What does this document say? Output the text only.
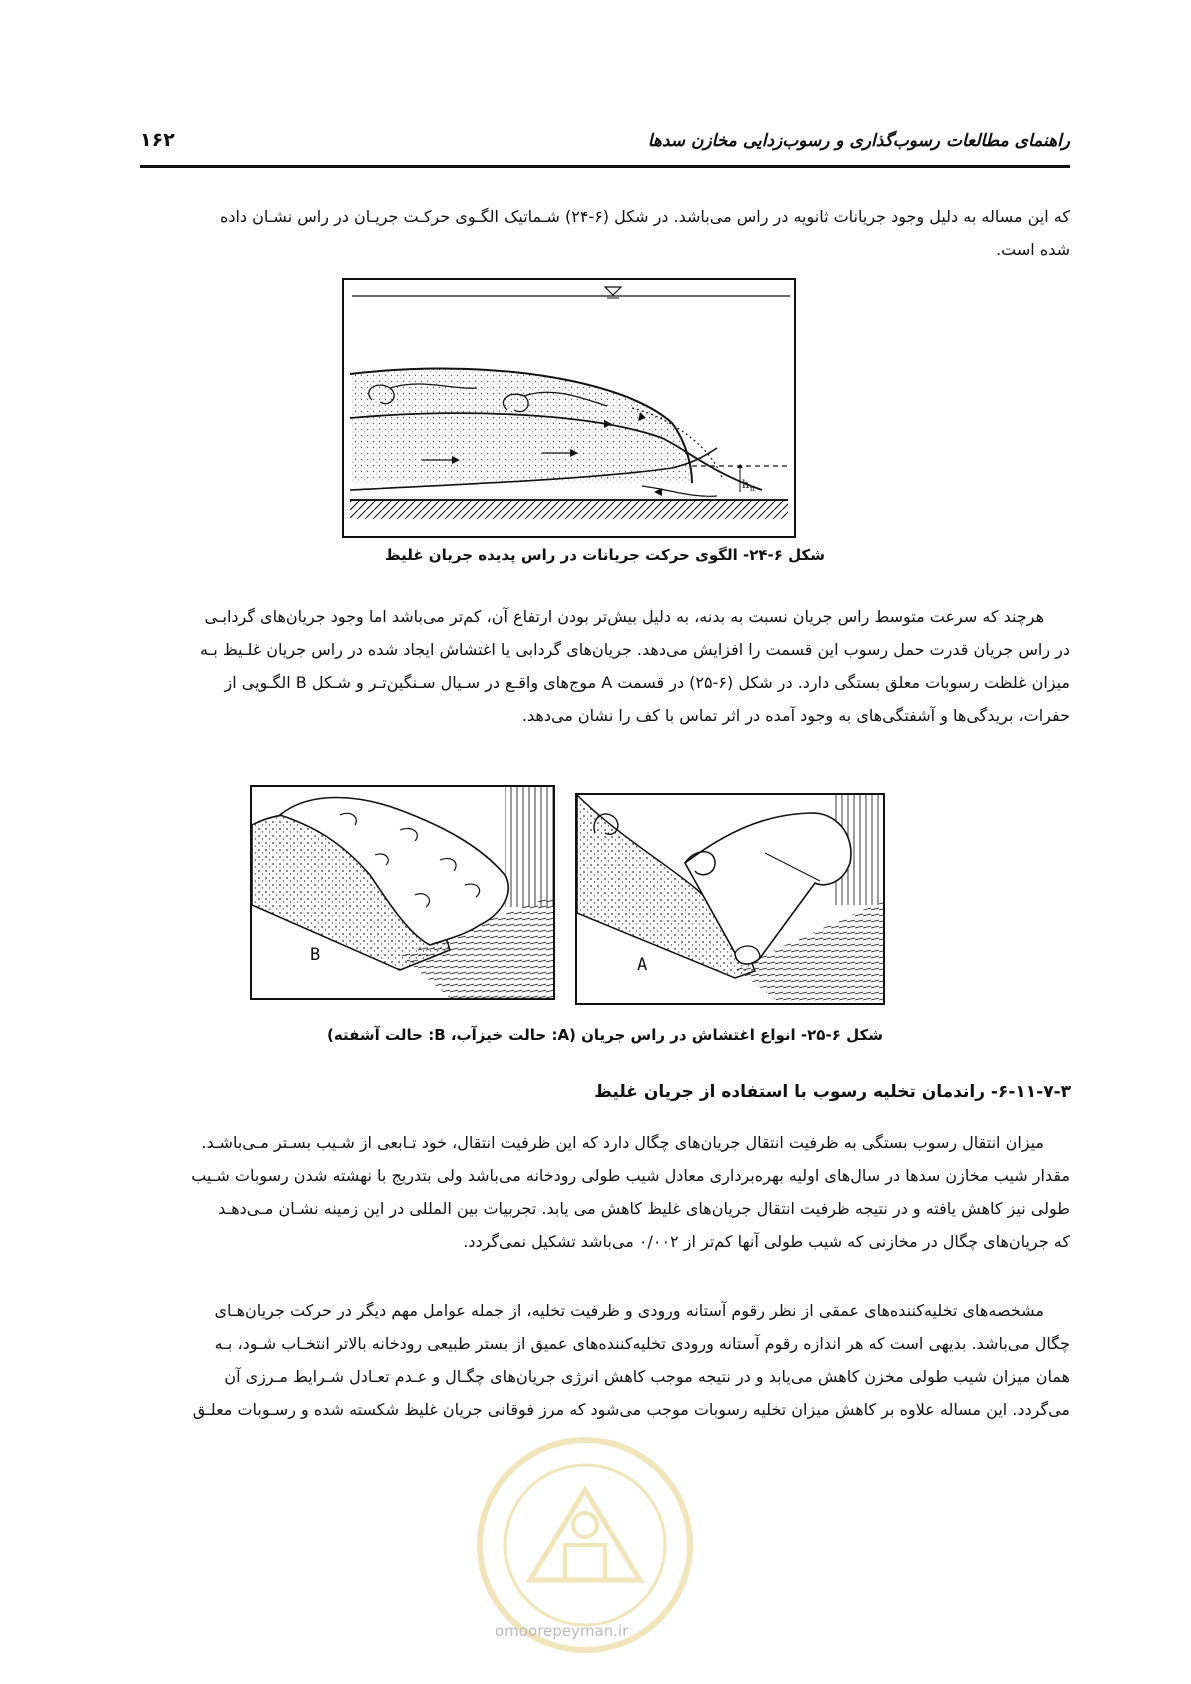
راهنمای مطالعات رسوب‌گذاری و رسوب‌زدایی مخازن سدها
۱۶۲
که این مساله به دلیل وجود جریانات ثانویه در راس می‌باشد. در شکل (۶-۲۴) شـماتیک الگـوی حرکـت جریـان در راس نشـان داده
شده است.
h n
شکل ۶-۲۴- الگوی حرکت جریانات در راس پدیده جریان غلیظ
هرچند که سرعت متوسط راس جریان نسبت به بدنه، به دلیل بیش‌تر بودن ارتفاع آن، کم‌تر می‌باشد اما وجود جریان‌های گردابـی
در راس جریان قدرت حمل رسوب این قسمت را افزایش می‌دهد. جریان‌های گردابی یا اغتشاش ایجاد شده در راس جریان غلـیظ بـه
میزان غلظت رسوبات معلق بستگی دارد. در شکل (۶-۲۵) در قسمت A موج‌های واقـع در سـیال سـنگین‌تـر و شـکل B الگـویی از
حفرات، بریدگی‌ها و آشفتگی‌های به وجود آمده در اثر تماس با کف را نشان می‌دهد.
B	A
شکل ۶-۲۵- انواع اغتشاش در راس جریان (A: حالت خیزآب، B: حالت آشفته)
۶-۱۱-۷-۳- راندمان تخلیه رسوب با استفاده از جریان غلیظ
میزان انتقال رسوب بستگی به ظرفیت انتقال جریان‌های چگال دارد که این ظرفیت انتقال، خود تـابعی از شـیب بسـتر مـی‌باشـد.
مقدار شیب مخازن سدها در سال‌های اولیه بهره‌برداری معادل شیب طولی رودخانه می‌باشد ولی بتدریج با نهشته شدن رسوبات شـیب
طولی نیز کاهش یافته و در نتیجه ظرفیت انتقال جریان‌های غلیظ کاهش می یابد. تجربیات بین المللی در این زمینه نشـان مـی‌دهـد
که جریان‌های چگال در مخازنی که شیب طولی آنها کم‌تر از ۰/۰۰۲ می‌باشد تشکیل نمی‌گردد.
مشخصه‌های تخلیه‌کننده‌های عمقی از نظر رقوم آستانه ورودی و ظرفیت تخلیه، از جمله عوامل مهم دیگر در حرکت جریان‌هـای
چگال می‌باشد. بدیهی است که هر اندازه رقوم آستانه ورودی تخلیه‌کننده‌های عمیق از بستر طبیعی رودخانه بالاتر انتخـاب شـود، بـه
همان میزان شیب طولی مخزن کاهش می‌یابد و در نتیجه موجب کاهش انرژی جریان‌های چگـال و عـدم تعـادل شـرایط مـرزی آن
می‌گردد. این مساله علاوه بر کاهش میزان تخلیه رسوبات موجب می‌شود که مرز فوقانی جریان غلیظ شکسته شده و رسـوبات معلـق
omoorepeyman.ir
